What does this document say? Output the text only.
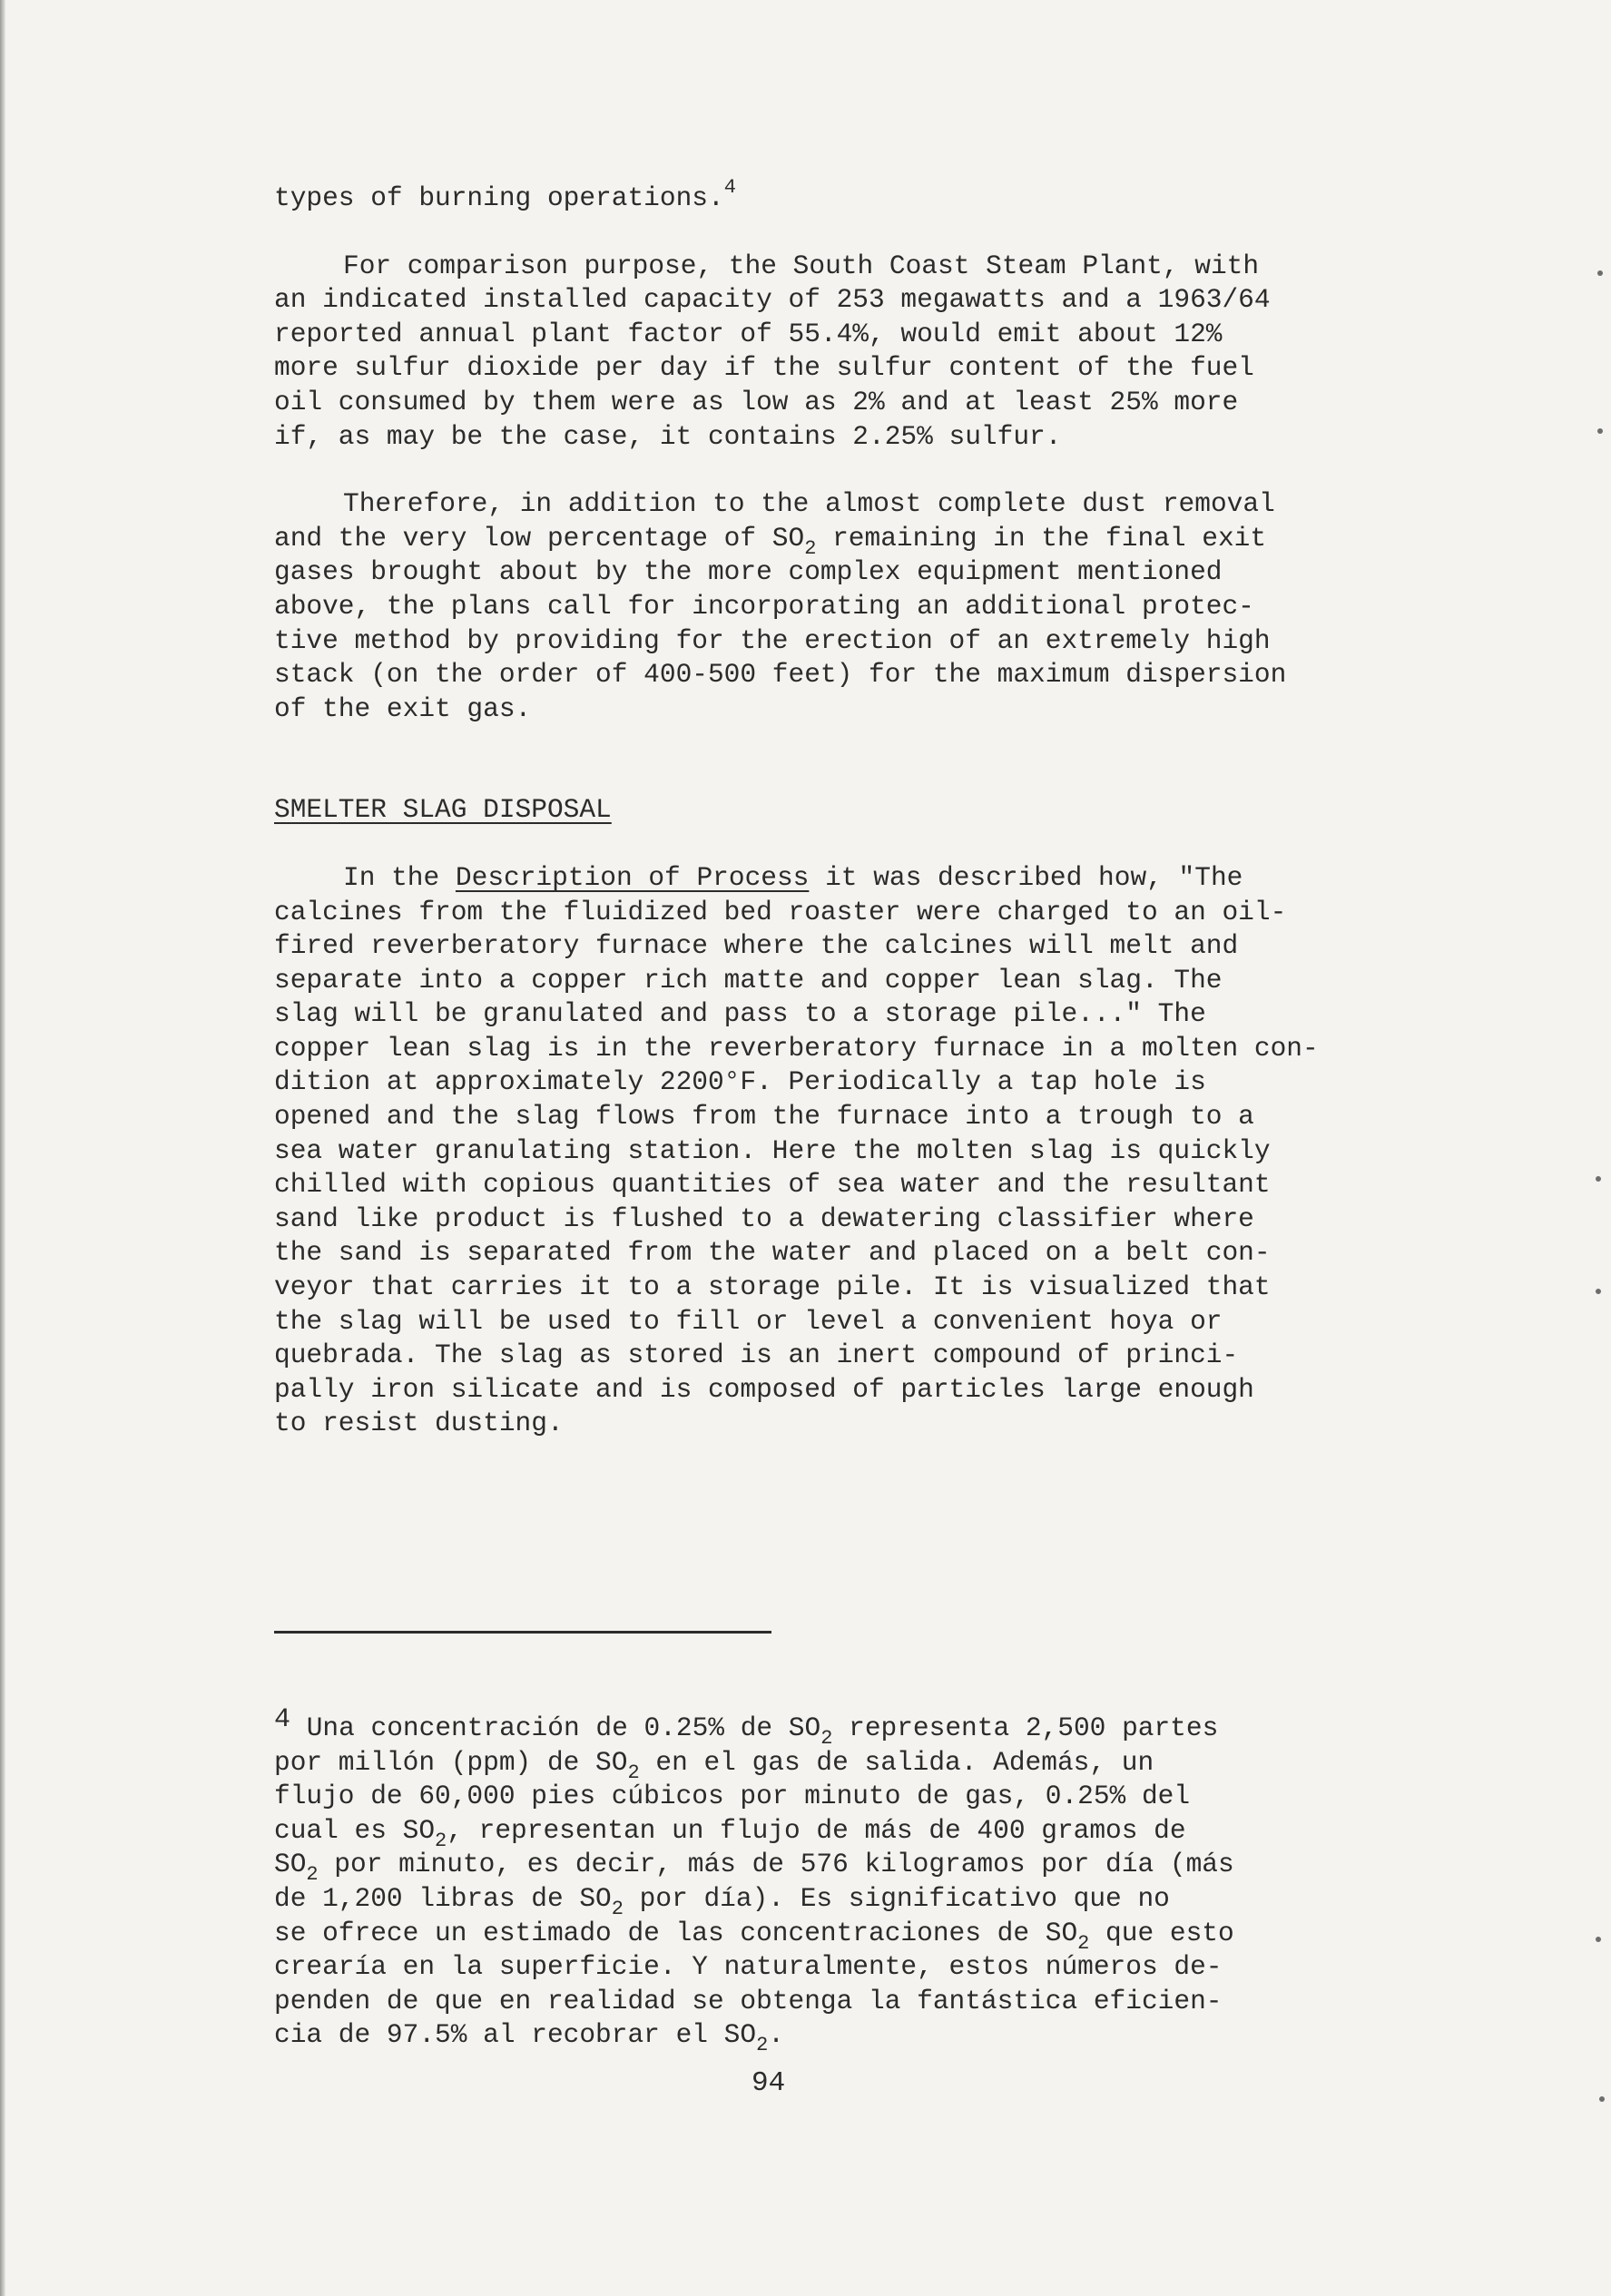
types of burning operations.$^4$

For comparison purpose, the South Coast Steam Plant, with
an indicated installed capacity of 253 megawatts and a 1963/64
reported annual plant factor of 55.4%, would emit about 12%
more sulfur dioxide per day if the sulfur content of the fuel
oil consumed by them were as low as 2% and at least 25% more
if, as may be the case, it contains 2.25% sulfur.

Therefore, in addition to the almost complete dust removal
and the very low percentage of $SO_2$ remaining in the final exit
gases brought about by the more complex equipment mentioned
above, the plans call for incorporating an additional protec-
tive method by providing for the erection of an extremely high
stack (on the order of 400-500 feet) for the maximum dispersion
of the exit gas.

SMELTER SLAG DISPOSAL

In the Description of Process it was described how, "The
calcines from the fluidized bed roaster were charged to an oil-
fired reverberatory furnace where the calcines will melt and
separate into a copper rich matte and copper lean slag. The
slag will be granulated and pass to a storage pile..." The
copper lean slag is in the reverberatory furnace in a molten con-
dition at approximately 2200°F. Periodically a tap hole is
opened and the slag flows from the furnace into a trough to a
sea water granulating station. Here the molten slag is quickly
chilled with copious quantities of sea water and the resultant
sand like product is flushed to a dewatering classifier where
the sand is separated from the water and placed on a belt con-
veyor that carries it to a storage pile. It is visualized that
the slag will be used to fill or level a convenient hoya or
quebrada. The slag as stored is an inert compound of princi-
pally iron silicate and is composed of particles large enough
to resist dusting.

4 Una concentración de 0.25% de $SO_2$ representa 2,500 partes
por millón (ppm) de $SO_2$ en el gas de salida. Además, un
flujo de 60,000 pies cúbicos por minuto de gas, 0.25% del
cual es $SO_2$, representan un flujo de más de 400 gramos de
$SO_2$ por minuto, es decir, más de 576 kilogramos por día (más
de 1,200 libras de $SO_2$ por día). Es significativo que no
se ofrece un estimado de las concentraciones de $SO_2$ que esto
crearía en la superficie. Y naturalmente, estos números de-
penden de que en realidad se obtenga la fantástica eficien-
cia de 97.5% al recobrar el $SO_2$.
94
